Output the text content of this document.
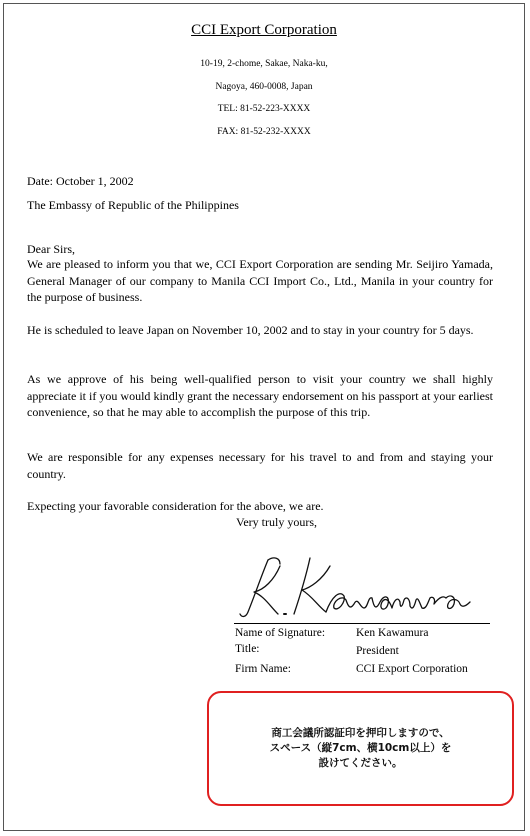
CCI Export Corporation
10-19, 2-chome, Sakae, Naka-ku,
Nagoya, 460-0008, Japan
TEL: 81-52-223-XXXX
FAX: 81-52-232-XXXX
Date: October 1, 2002
The Embassy of Republic of the Philippines
Dear Sirs,

We are pleased to inform you that we, CCI Export Corporation are sending Mr. Seijiro Yamada, General Manager of our company to Manila CCI Import Co., Ltd., Manila in your country for the purpose of business.

He is scheduled to leave Japan on November 10, 2002 and to stay in your country for 5 days.

As we approve of his being well-qualified person to visit your country we shall highly appreciate it if you would kindly grant the necessary endorsement on his passport at your earliest convenience, so that he may able to accomplish the purpose of this trip.

We are responsible for any expenses necessary for his travel to and from and staying your country.

Expecting your favorable consideration for the above, we are.
Very truly yours,
Name of Signature:	Ken Kawamura
Title:	President
Firm Name:	CCI Export Corporation
商工会議所認証印を押印しますので、
スペース（縦7cm、横10cm以上）を
設けてください。
